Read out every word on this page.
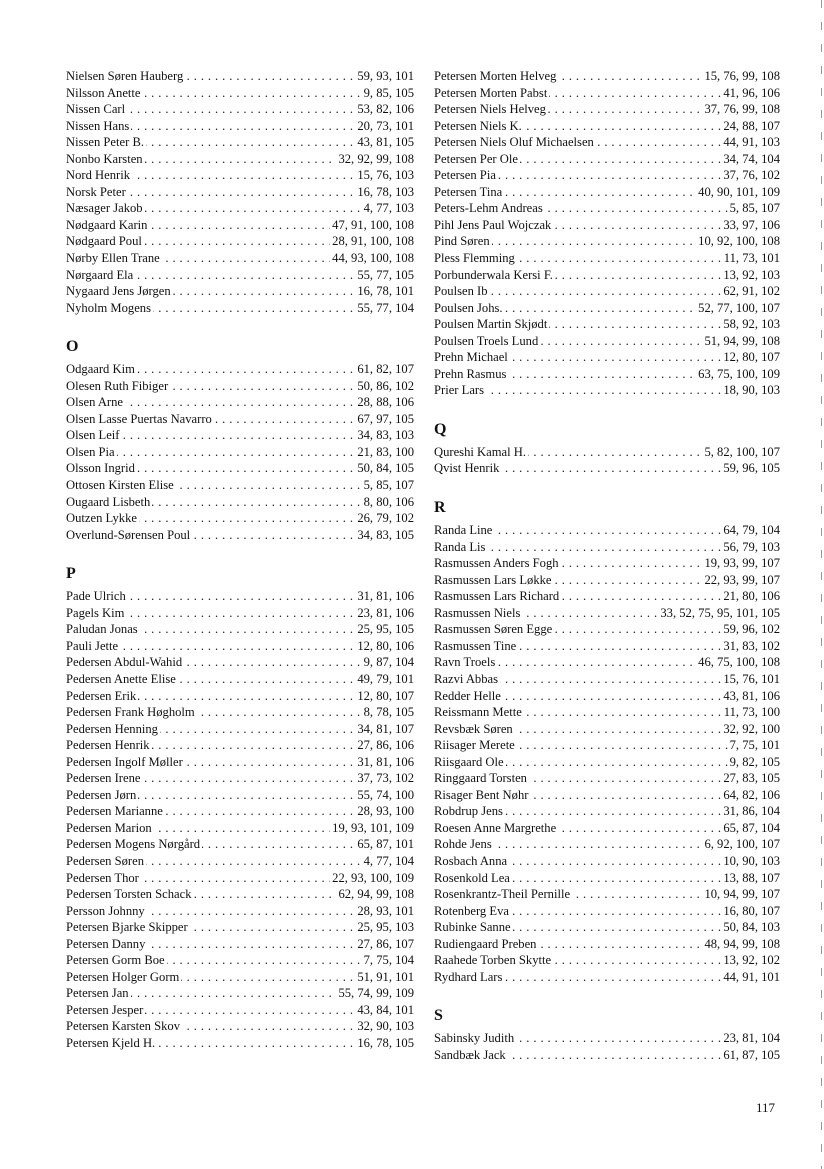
. . . Nielsen Søren Hauberg	59, 93, 101
. . . Nilsson Anette	9, 85, 105
. . . Nissen Carl	53, 82, 106
. . . Nissen Hans	20, 73, 101
. . . Nissen Peter B.	43, 81, 105
. . . Nonbo Karsten	32, 92, 99, 108
. . . Nord Henrik	15, 76, 103
. . . Norsk Peter	16, 78, 103
. . . Næsager Jakob	4, 77, 103
. . . Nødgaard Karin	47, 91, 100, 108
. . . Nødgaard Poul	28, 91, 100, 108
. . . Nørby Ellen Trane	44, 93, 100, 108
. . . Nørgaard Ela	55, 77, 105
. . . Nygaard Jens Jørgen	16, 78, 101
. . . Nyholm Mogens	55, 77, 104
O
. . . Odgaard Kim	61, 82, 107
. . . Olesen Ruth Fibiger	50, 86, 102
. . . Olsen Arne	28, 88, 106
. . . Olsen Lasse Puertas Navarro	67, 97, 105
. . . Olsen Leif	34, 83, 103
. . . Olsen Pia	21, 83, 100
. . . Olsson Ingrid	50, 84, 105
. . . Ottosen Kirsten Elise	5, 85, 107
. . . Ougaard Lisbeth	8, 80, 106
. . . Outzen Lykke	26, 79, 102
. . . Overlund-Sørensen Poul	34, 83, 105
P
. . . Pade Ulrich	31, 81, 106
. . . Pagels Kim	23, 81, 106
. . . Paludan Jonas	25, 95, 105
. . . Pauli Jette	12, 80, 106
. . . Pedersen Abdul-Wahid	9, 87, 104
. . . Pedersen Anette Elise	49, 79, 101
. . . Pedersen Erik	12, 80, 107
. . . Pedersen Frank Høgholm	8, 78, 105
. . . Pedersen Henning	34, 81, 107
. . . Pedersen Henrik	27, 86, 106
. . . Pedersen Ingolf Møller	31, 81, 106
. . . Pedersen Irene	37, 73, 102
. . . Pedersen Jørn	55, 74, 100
. . . Pedersen Marianne	28, 93, 100
. . . Pedersen Marion	19, 93, 101, 109
. . . Pedersen Mogens Nørgård	65, 87, 101
. . . Pedersen Søren	4, 77, 104
. . . Pedersen Thor	22, 93, 100, 109
. . . Pedersen Torsten Schack	62, 94, 99, 108
. . . Persson Johnny	28, 93, 101
. . . Petersen Bjarke Skipper	25, 95, 103
. . . Petersen Danny	27, 86, 107
. . . Petersen Gorm Boe	7, 75, 104
. . . Petersen Holger Gorm	51, 91, 101
. . . Petersen Jan	55, 74, 99, 109
. . . Petersen Jesper	43, 84, 101
. . . Petersen Karsten Skov	32, 90, 103
. . . Petersen Kjeld H.	16, 78, 105
. . . Petersen Morten Helveg	15, 76, 99, 108
. . . Petersen Morten Pabst	41, 96, 106
. . . Petersen Niels Helveg	37, 76, 99, 108
. . . Petersen Niels K.	24, 88, 107
. . . Petersen Niels Oluf Michaelsen	44, 91, 103
. . . Petersen Per Ole	34, 74, 104
. . . Petersen Pia	37, 76, 102
. . . Petersen Tina	40, 90, 101, 109
. . . Peters-Lehm Andreas	5, 85, 107
. . . Pihl Jens Paul Wojczak	33, 97, 106
. . . Pind Søren	10, 92, 100, 108
. . . Pless Flemming	11, 73, 101
. . . Porbunderwala Kersi F.	13, 92, 103
. . . Poulsen Ib	62, 91, 102
. . . Poulsen Johs.	52, 77, 100, 107
. . . Poulsen Martin Skjødt	58, 92, 103
. . . Poulsen Troels Lund	51, 94, 99, 108
. . . Prehn Michael	12, 80, 107
. . . Prehn Rasmus	63, 75, 100, 109
. . . Prier Lars	18, 90, 103
Q
. . . Qureshi Kamal H.	5, 82, 100, 107
. . . Qvist Henrik	59, 96, 105
R
. . . Randa Line	64, 79, 104
. . . Randa Lis	56, 79, 103
. . . Rasmussen Anders Fogh	19, 93, 99, 107
. . . Rasmussen Lars Løkke	22, 93, 99, 107
. . . Rasmussen Lars Richard	21, 80, 106
. . . Rasmussen Niels	33, 52, 75, 95, 101, 105
. . . Rasmussen Søren Egge	59, 96, 102
. . . Rasmussen Tine	31, 83, 102
. . . Ravn Troels	46, 75, 100, 108
. . . Razvi Abbas	15, 76, 101
. . . Redder Helle	43, 81, 106
. . . Reissmann Mette	11, 73, 100
. . . Revsbæk Søren	32, 92, 100
. . . Riisager Merete	7, 75, 101
. . . Riisgaard Ole	9, 82, 105
. . . Ringgaard Torsten	27, 83, 105
. . . Risager Bent Nøhr	64, 82, 106
. . . Robdrup Jens	31, 86, 104
. . . Roesen Anne Margrethe	65, 87, 104
. . . Rohde Jens	6, 92, 100, 107
. . . Rosbach Anna	10, 90, 103
. . . Rosenkold Lea	13, 88, 107
. . . Rosenkrantz-Theil Pernille	10, 94, 99, 107
. . . Rotenberg Eva	16, 80, 107
. . . Rubinke Sanne	50, 84, 103
. . . Rudiengaard Preben	48, 94, 99, 108
. . . Raahede Torben Skytte	13, 92, 102
. . . Rydhard Lars	44, 91, 101
S
. . . Sabinsky Judith	23, 81, 104
. . . Sandbæk Jack	61, 87, 105
117
